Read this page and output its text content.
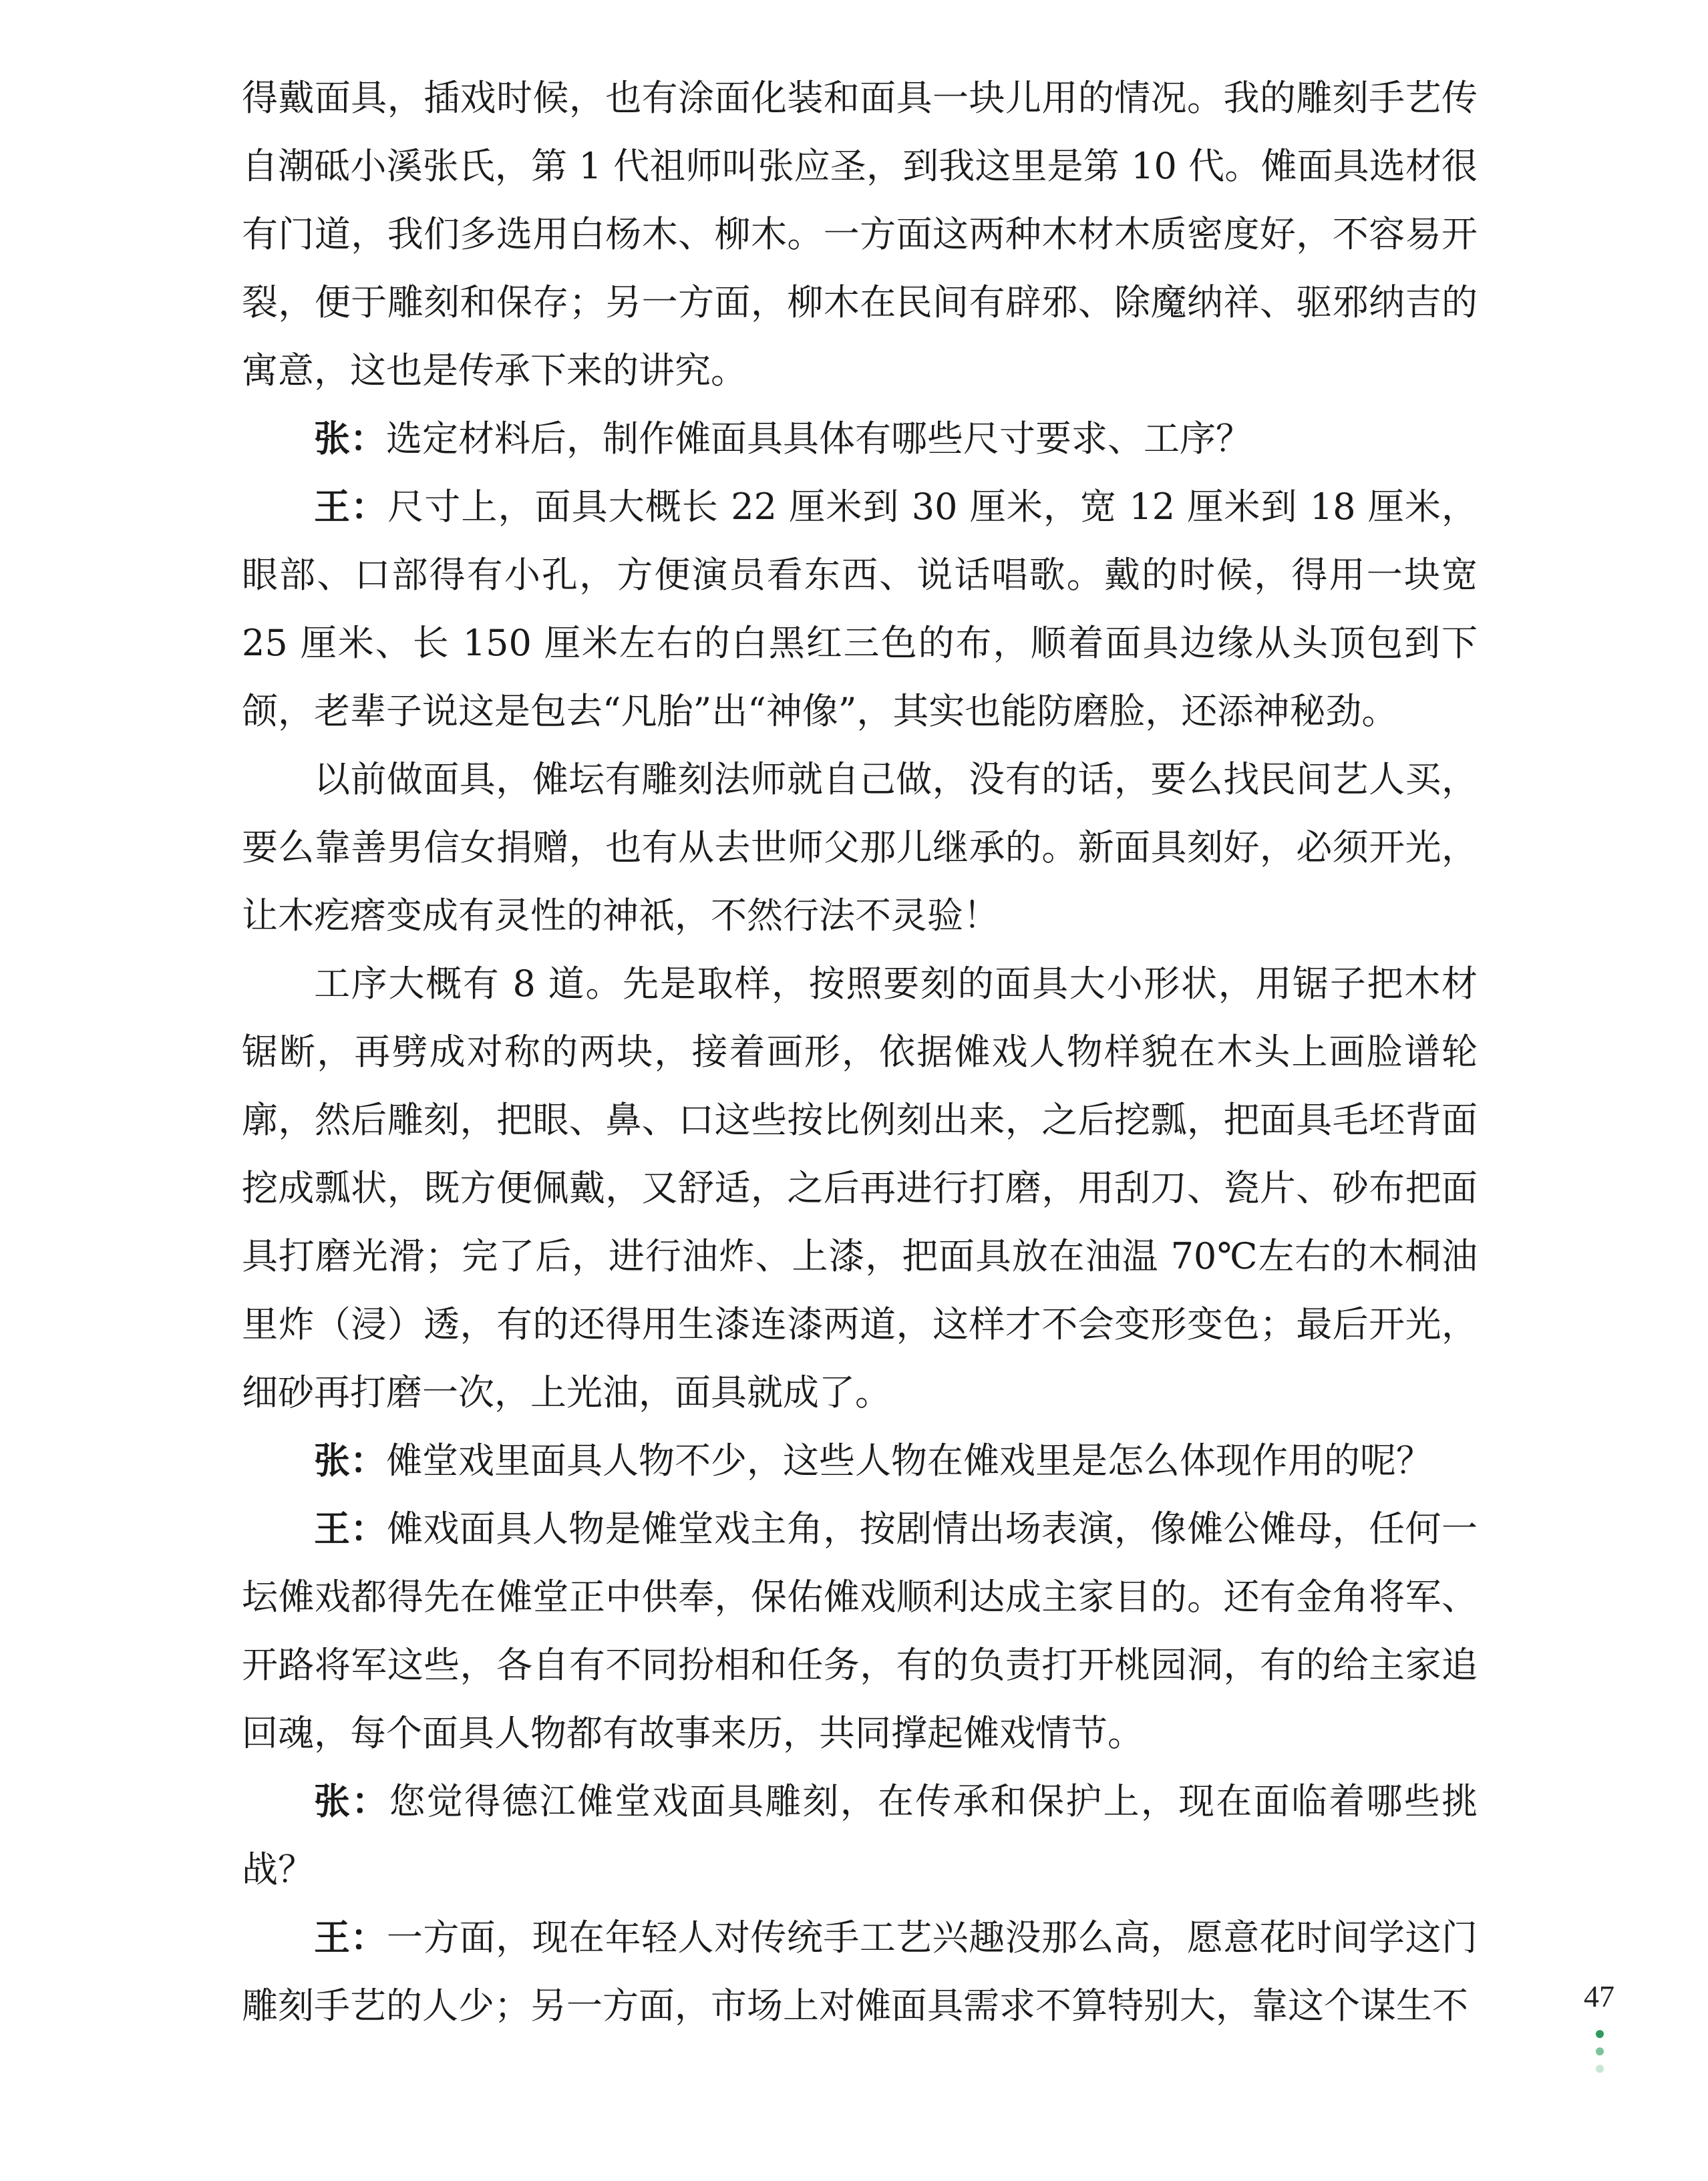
得戴面具，插戏时候，也有涂面化装和面具一块儿用的情况。我的雕刻手艺传自潮砥小溪张氏，第 1 代祖师叫张应圣，到我这里是第 10 代。傩面具选材很有门道，我们多选用白杨木、柳木。一方面这两种木材木质密度好，不容易开裂，便于雕刻和保存；另一方面，柳木在民间有辟邪、除魔纳祥、驱邪纳吉的寓意，这也是传承下来的讲究。

张：选定材料后，制作傩面具具体有哪些尺寸要求、工序？

王：尺寸上，面具大概长 22 厘米到 30 厘米，宽 12 厘米到 18 厘米，眼部、口部得有小孔，方便演员看东西、说话唱歌。戴的时候，得用一块宽 25 厘米、长 150 厘米左右的白黑红三色的布，顺着面具边缘从头顶包到下颌，老辈子说这是包去“凡胎”出“神像”，其实也能防磨脸，还添神秘劲。

以前做面具，傩坛有雕刻法师就自己做，没有的话，要么找民间艺人买，要么靠善男信女捐赠，也有从去世师父那儿继承的。新面具刻好，必须开光，让木疙瘩变成有灵性的神祇，不然行法不灵验！

工序大概有 8 道。先是取样，按照要刻的面具大小形状，用锯子把木材锯断，再劈成对称的两块，接着画形，依据傩戏人物样貌在木头上画脸谱轮廓，然后雕刻，把眼、鼻、口这些按比例刻出来，之后挖瓢，把面具毛坯背面挖成瓢状，既方便佩戴，又舒适，之后再进行打磨，用刮刀、瓷片、砂布把面具打磨光滑；完了后，进行油炸、上漆，把面具放在油温 70℃左右的木桐油里炸（浸）透，有的还得用生漆连漆两道，这样才不会变形变色；最后开光，细砂再打磨一次，上光油，面具就成了。

张：傩堂戏里面具人物不少，这些人物在傩戏里是怎么体现作用的呢？

王：傩戏面具人物是傩堂戏主角，按剧情出场表演，像傩公傩母，任何一坛傩戏都得先在傩堂正中供奉，保佑傩戏顺利达成主家目的。还有金角将军、开路将军这些，各自有不同扮相和任务，有的负责打开桃园洞，有的给主家追回魂，每个面具人物都有故事来历，共同撑起傩戏情节。

张：您觉得德江傩堂戏面具雕刻，在传承和保护上，现在面临着哪些挑战？

王：一方面，现在年轻人对传统手工艺兴趣没那么高，愿意花时间学这门雕刻手艺的人少；另一方面，市场上对傩面具需求不算特别大，靠这个谋生不	47
